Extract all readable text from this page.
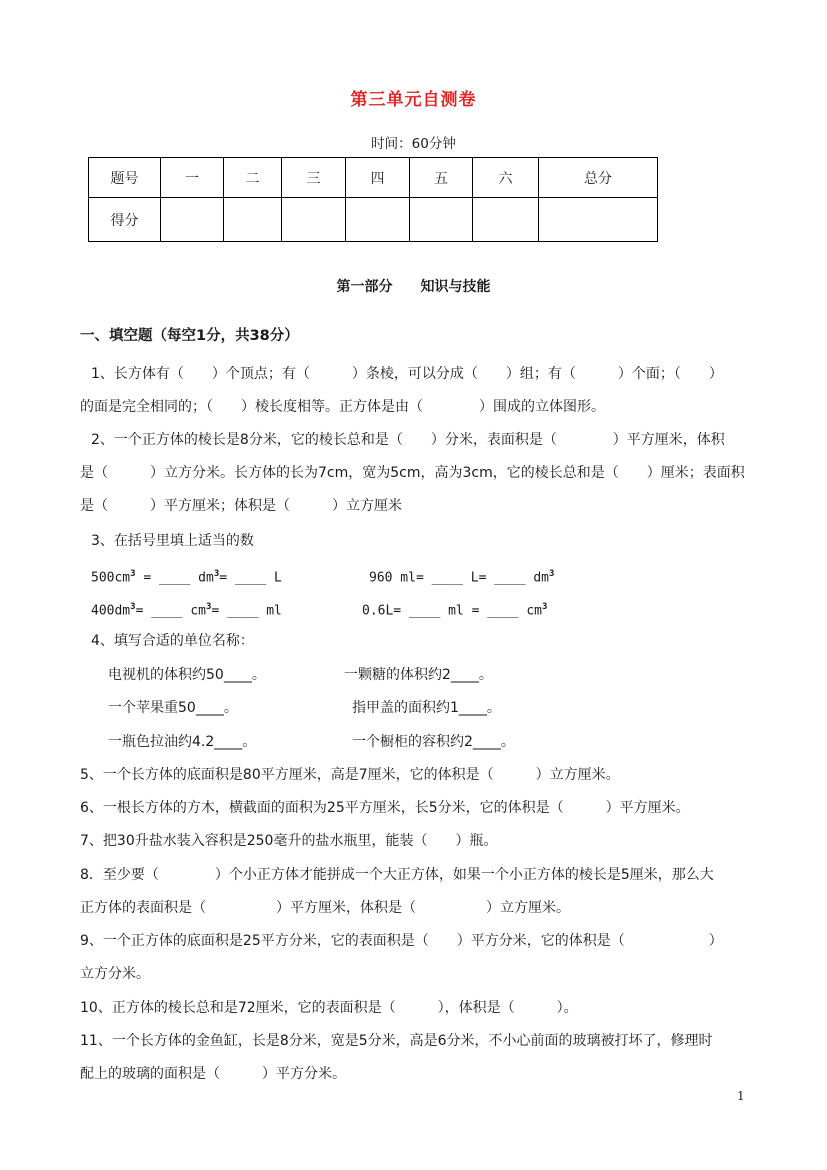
第三单元自测卷
时间：60分钟
题号	一	二	三	四	五	六	总分
得分							
第一部分 知识与技能
一、填空题（每空1分，共38分）
1、长方体有（　　）个顶点；有（　　　）条棱，可以分成（　　）组；有（　　　）个面；（　　）
的面是完全相同的；（　　）棱长度相等。正方体是由（　　　　）围成的立体图形。
2、一个正方体的棱长是8分米，它的棱长总和是（　　）分米，表面积是（　　　　）平方厘米，体积
是（　　　）立方分米。长方体的长为7cm，宽为5cm，高为3cm，它的棱长总和是（　　）厘米；表面积
是（　　　）平方厘米；体积是（　　　）立方厘米
3、在括号里填上适当的数
$500cm^3$ = ____ $dm^3=$ ____ L	960 ml= ____ L= ____ $dm^3$
$400dm^3=$ ____ $cm^3=$ ____ ml	0.6L= ____ ml = ____ $cm^3$
4、填写合适的单位名称：
电视机的体积约50____。	一颗糖的体积约2____。
一个苹果重50____。	指甲盖的面积约1____。
一瓶色拉油约4.2____。	一个橱柜的容积约2____。
5、一个长方体的底面积是80平方厘米，高是7厘米，它的体积是（　　　）立方厘米。
6、一根长方体的方木，横截面的面积为25平方厘米，长5分米，它的体积是（　　　）平方厘米。
7、把30升盐水装入容积是250毫升的盐水瓶里，能装（　　）瓶。
8．至少要（　　　　）个小正方体才能拼成一个大正方体，如果一个小正方体的棱长是5厘米，那么大
正方体的表面积是（　　　　　）平方厘米，体积是（　　　　　）立方厘米。
9、一个正方体的底面积是25平方分米，它的表面积是（　　）平方分米，它的体积是（　　　　　　）
立方分米。
10、正方体的棱长总和是72厘米，它的表面积是（　　　），体积是（　　　）。
11、一个长方体的金鱼缸，长是8分米，宽是5分米，高是6分米，不小心前面的玻璃被打坏了，修理时
配上的玻璃的面积是（　　　）平方分米。
1
